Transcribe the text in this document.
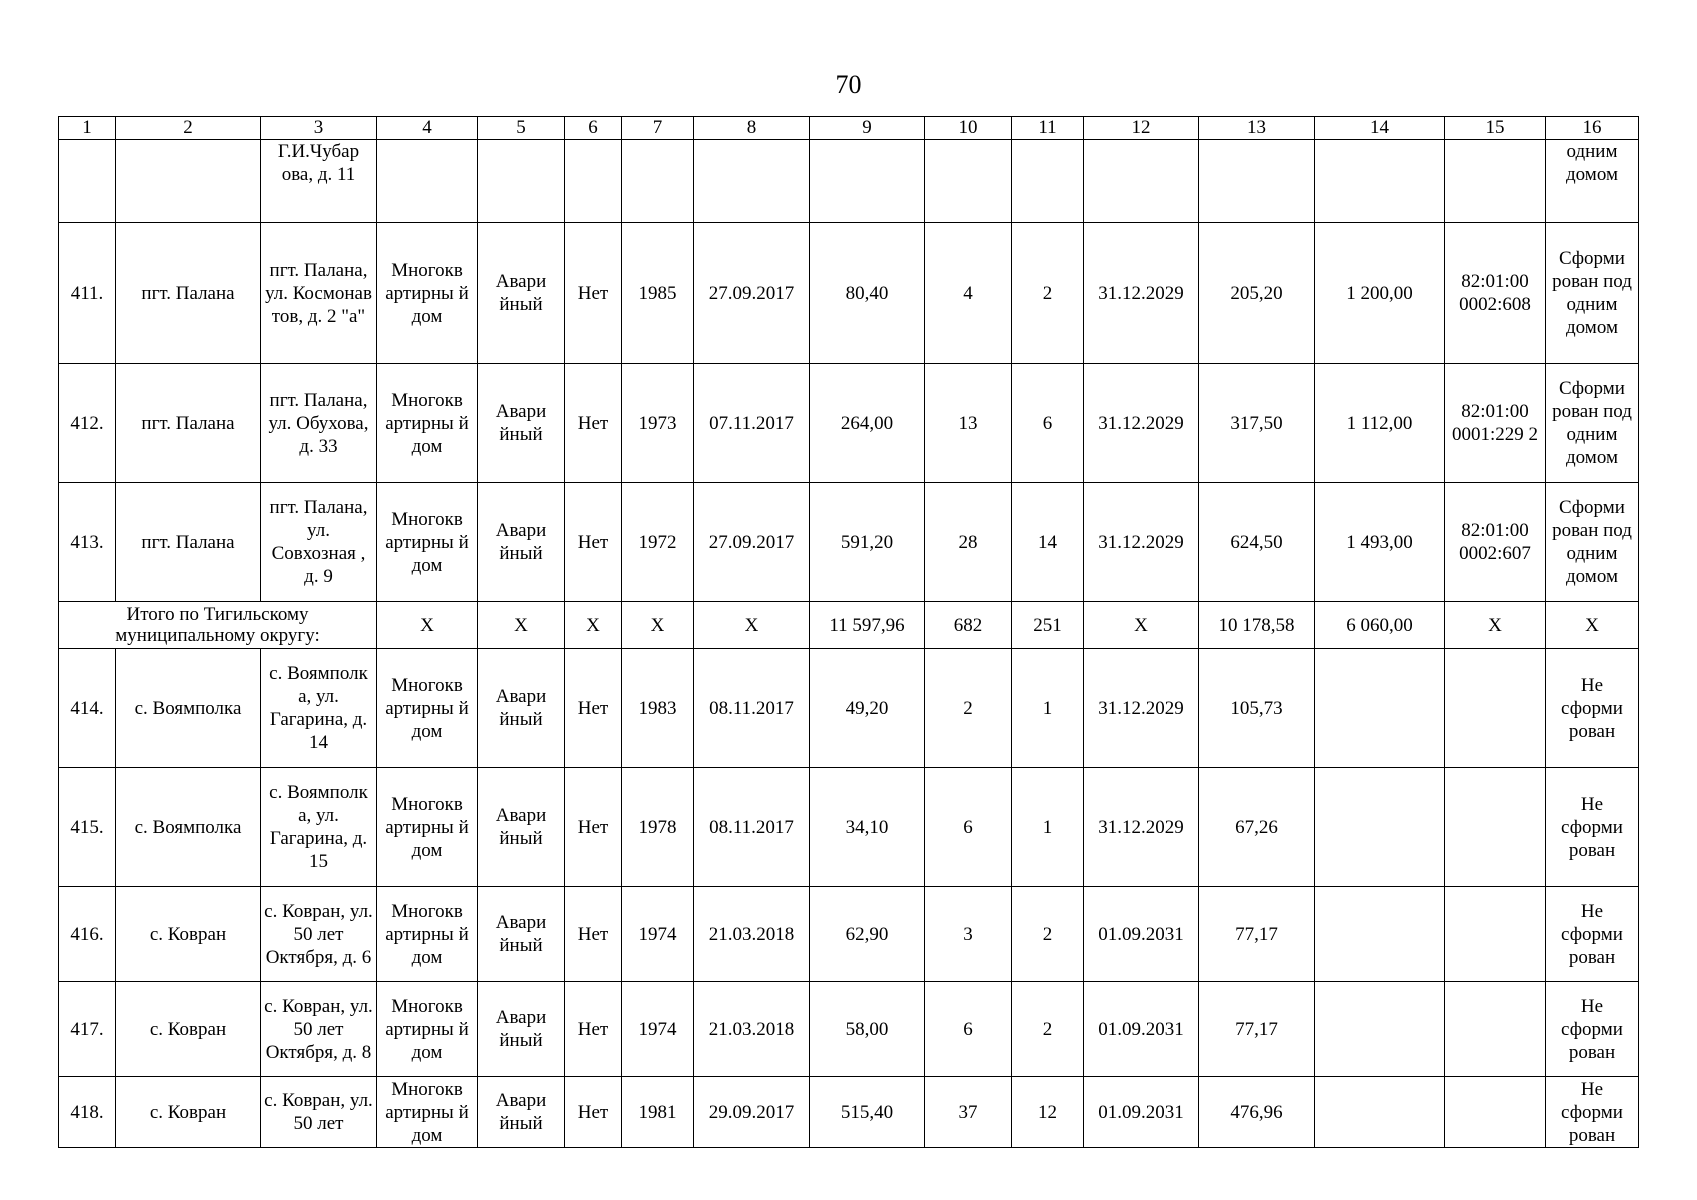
70
1	2	3	4	5	6	7	8	9	10	11	12	13	14	15	16
		Г.И.Чубар ова, д. 11													одним домом
411.	пгт. Палана	пгт. Палана, ул. Космонав тов, д. 2 "а"	Многокв артирны й дом	Авари йный	Нет	1985	27.09.2017	80,40	4	2	31.12.2029	205,20	1 200,00	82:01:00 0002:608	Сформи рован под одним домом
412.	пгт. Палана	пгт. Палана, ул. Обухова, д. 33	Многокв артирны й дом	Авари йный	Нет	1973	07.11.2017	264,00	13	6	31.12.2029	317,50	1 112,00	82:01:00 0001:229 2	Сформи рован под одним домом
413.	пгт. Палана	пгт. Палана, ул. Совхозная , д. 9	Многокв артирны й дом	Авари йный	Нет	1972	27.09.2017	591,20	28	14	31.12.2029	624,50	1 493,00	82:01:00 0002:607	Сформи рован под одним домом
Итого по Тигильскому муниципальному округу:			X	X	X	X	X	11 597,96	682	251	X	10 178,58	6 060,00	X	X
414.	с. Воямполка	с. Воямполк а, ул. Гагарина, д. 14	Многокв артирны й дом	Авари йный	Нет	1983	08.11.2017	49,20	2	1	31.12.2029	105,73			Не сформи рован
415.	с. Воямполка	с. Воямполк а, ул. Гагарина, д. 15	Многокв артирны й дом	Авари йный	Нет	1978	08.11.2017	34,10	6	1	31.12.2029	67,26			Не сформи рован
416.	с. Ковран	с. Ковран, ул. 50 лет Октября, д. 6	Многокв артирны й дом	Авари йный	Нет	1974	21.03.2018	62,90	3	2	01.09.2031	77,17			Не сформи рован
417.	с. Ковран	с. Ковран, ул. 50 лет Октября, д. 8	Многокв артирны й дом	Авари йный	Нет	1974	21.03.2018	58,00	6	2	01.09.2031	77,17			Не сформи рован
418.	с. Ковран	с. Ковран, ул. 50 лет	Многокв артирны й дом	Авари йный	Нет	1981	29.09.2017	515,40	37	12	01.09.2031	476,96			Не сформи рован
